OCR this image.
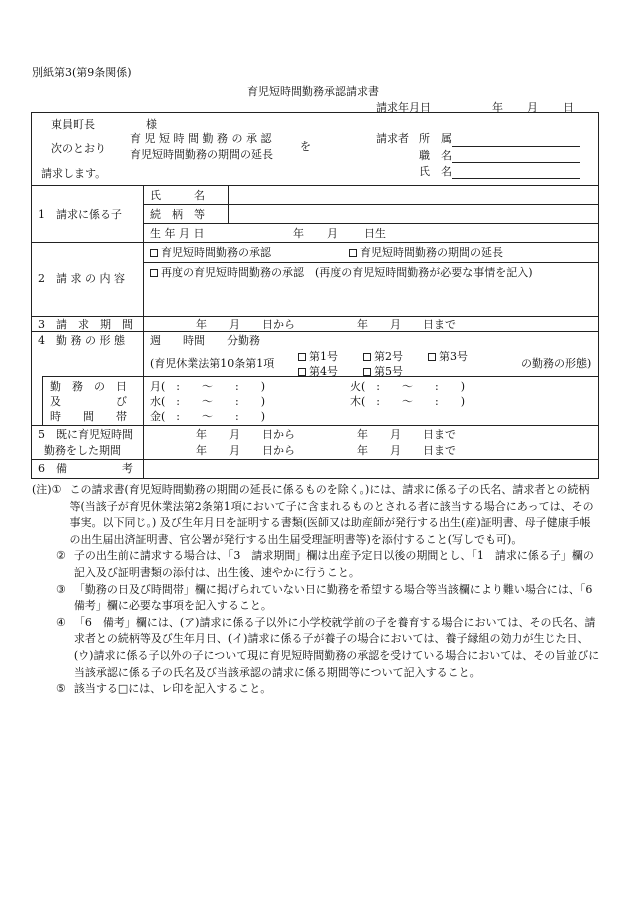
別紙第3(第9条関係)
育児短時間勤務承認請求書
請求年月日	年 月 日
東員町長	様
次のとおり
育 児 短 時 間 勤 務 の 承 認
育児短時間勤務の期間の延長
を
請求します。
請求者 所　属
職　名
氏　名
1　請求に係る子
氏　　　名
続　柄　等
生 年 月 日	年 月 日生
2　請 求 の 内 容
育児短時間勤務の承認	育児短時間勤務の期間の延長
再度の育児短時間勤務の承認　(再度の育児短時間勤務が必要な事情を記入)
3　請　求　期　間	年　　月　　日から	年　　月　　日まで
4　勤 務 の 形 態 週　　時間　　分勤務
(育児休業法第10条第1項
第1号	第2号	第3号
第4号	第5号
の勤務の形態)
勤　務　の　日
及　　　　　び
時　　間　　帯
月(　:　　～　　:　　)	火(　:　　～　　:　　)
水(　:　　～　　:　　)	木(　:　　～　　:　　)
金(　:　　～　　:　　)
5　既に育児短時間
勤務をした期間
年　　月　　日から	年　　月　　日まで
年　　月　　日から	年　　月　　日まで
6　備　　　　　考
(注) ① この請求書(育児短時間勤務の期間の延長に係るものを除く。)には、請求に係る子の氏名、請求者との続柄等(当該子が育児休業法第2条第1項において子に含まれるものとされる者に該当する場合にあっては、その事実。以下同じ。) 及び生年月日を証明する書類(医師又は助産師が発行する出生(産)証明書、母子健康手帳の出生届出済証明書、官公署が発行する出生届受理証明書等)を添付すること(写しでも可)。
② 子の出生前に請求する場合は、「3　請求期間」欄は出産予定日以後の期間とし、「1　請求に係る子」欄の記入及び証明書類の添付は、出生後、速やかに行うこと。
③ 「勤務の日及び時間帯」欄に掲げられていない日に勤務を希望する場合等当該欄により難い場合には、「6　備考」欄に必要な事項を記入すること。
④ 「6　備考」欄には、(ア)請求に係る子以外に小学校就学前の子を養育する場合においては、その氏名、請求者との続柄等及び生年月日、(イ)請求に係る子が養子の場合においては、養子縁組の効力が生じた日、(ウ)請求に係る子以外の子について現に育児短時間勤務の承認を受けている場合においては、その旨並びに当該承認に係る子の氏名及び当該承認の請求に係る期間等について記入すること。
⑤ 該当する□には、レ印を記入すること。
